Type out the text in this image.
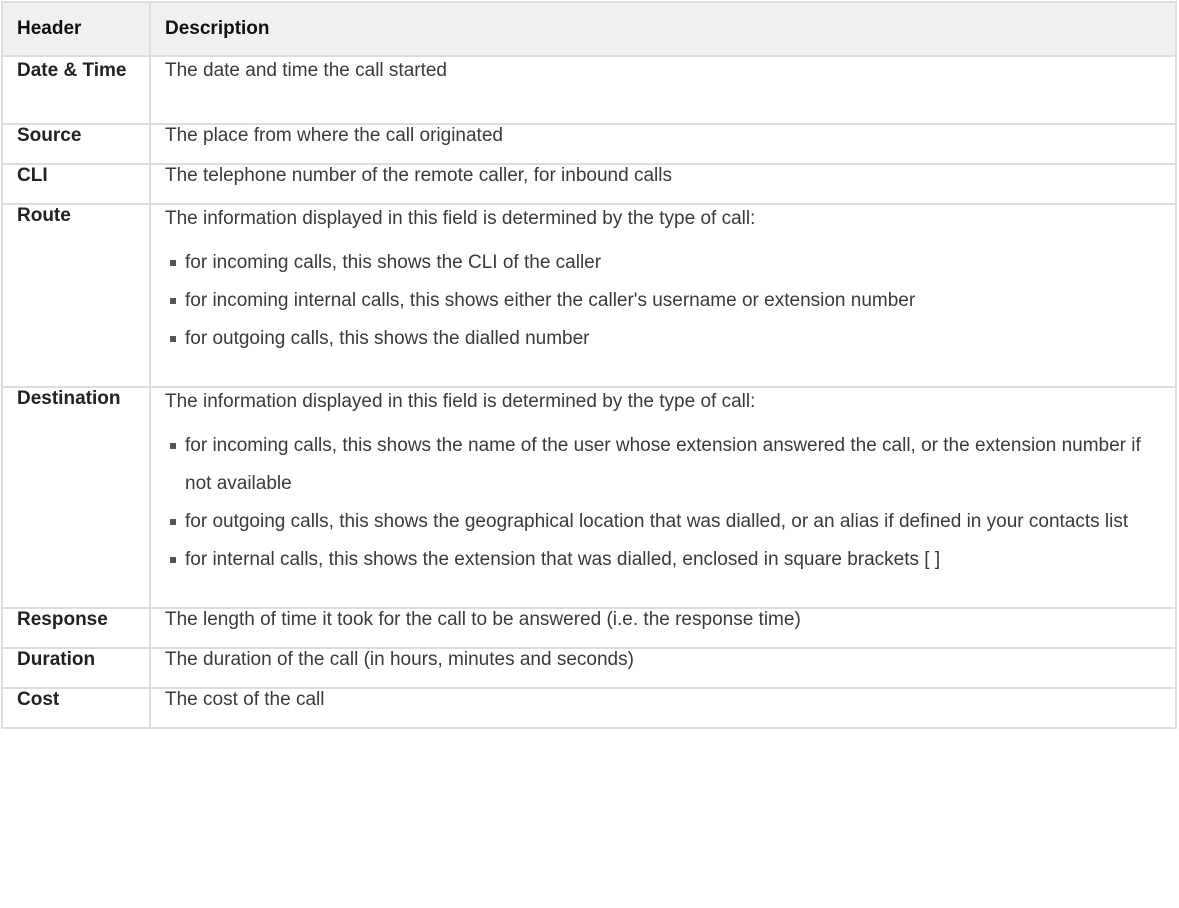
Header	Description
Date & Time	The date and time the call started
Source	The place from where the call originated
CLI	The telephone number of the remote caller, for inbound calls
Route	The information displayed in this field is determined by the type of call:

for incoming calls, this shows the CLI of the caller
for incoming internal calls, this shows either the caller's username or extension number
for outgoing calls, this shows the dialled number

Destination	The information displayed in this field is determined by the type of call:

for incoming calls, this shows the name of the user whose extension answered the call, or the extension number if not available
for outgoing calls, this shows the geographical location that was dialled, or an alias if defined in your contacts list
for internal calls, this shows the extension that was dialled, enclosed in square brackets [ ]

Response	The length of time it took for the call to be answered (i.e. the response time)
Duration	The duration of the call (in hours, minutes and seconds)
Cost	The cost of the call
